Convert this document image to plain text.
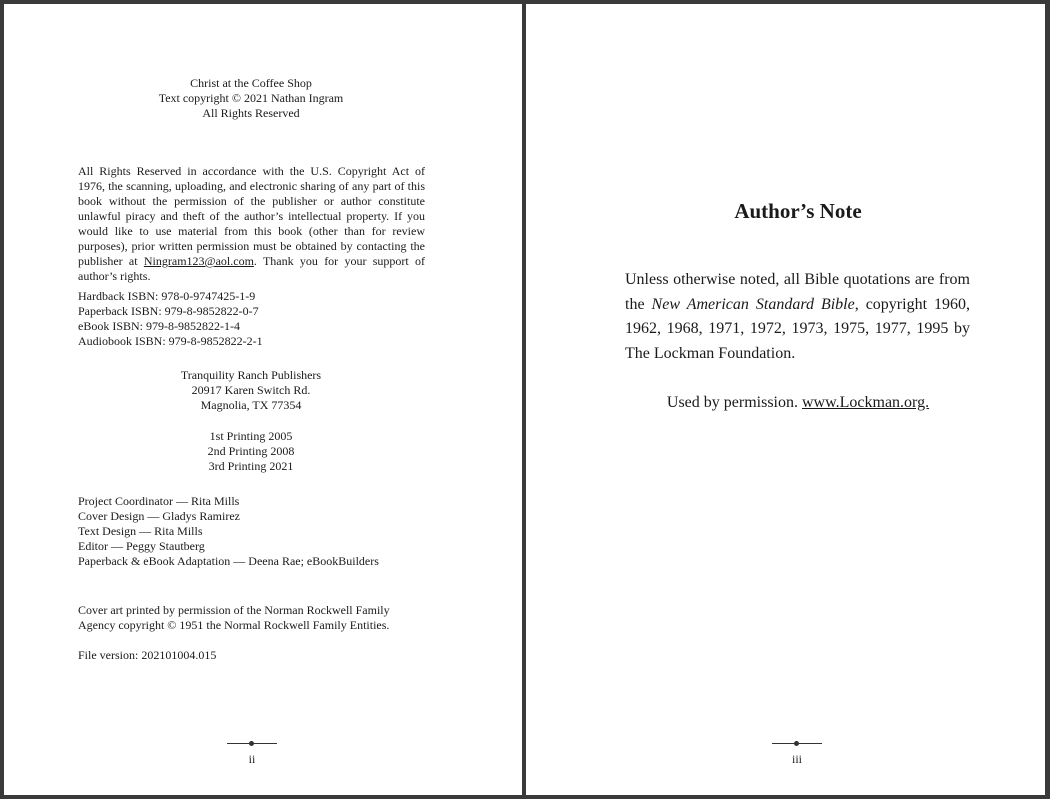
Christ at the Coffee Shop
Text copyright © 2021 Nathan Ingram
All Rights Reserved
All Rights Reserved in accordance with the U.S. Copyright Act of 1976, the scanning, uploading, and electronic sharing of any part of this book without the permission of the publisher or author constitute unlawful piracy and theft of the author’s intellectual property. If you would like to use material from this book (other than for review purposes), prior written permission must be obtained by contacting the publisher at Ningram123@aol.com. Thank you for your support of author’s rights.
Hardback ISBN: 978-0-9747425-1-9
Paperback ISBN: 979-8-9852822-0-7
eBook ISBN: 979-8-9852822-1-4
Audiobook ISBN: 979-8-9852822-2-1
Tranquility Ranch Publishers
20917 Karen Switch Rd.
Magnolia, TX 77354
1st Printing 2005
2nd Printing 2008
3rd Printing 2021
Project Coordinator — Rita Mills
Cover Design — Gladys Ramirez
Text Design — Rita Mills
Editor — Peggy Stautberg
Paperback & eBook Adaptation — Deena Rae; eBookBuilders
Cover art printed by permission of the Norman Rockwell Family
Agency copyright © 1951 the Normal Rockwell Family Entities.
File version: 202101004.015
ii
Author’s Note
Unless otherwise noted, all Bible quotations are from the New American Standard Bible, copyright 1960, 1962, 1968, 1971, 1972, 1973, 1975, 1977, 1995 by The Lockman Foundation.
Used by permission. www.Lockman.org.
iii
